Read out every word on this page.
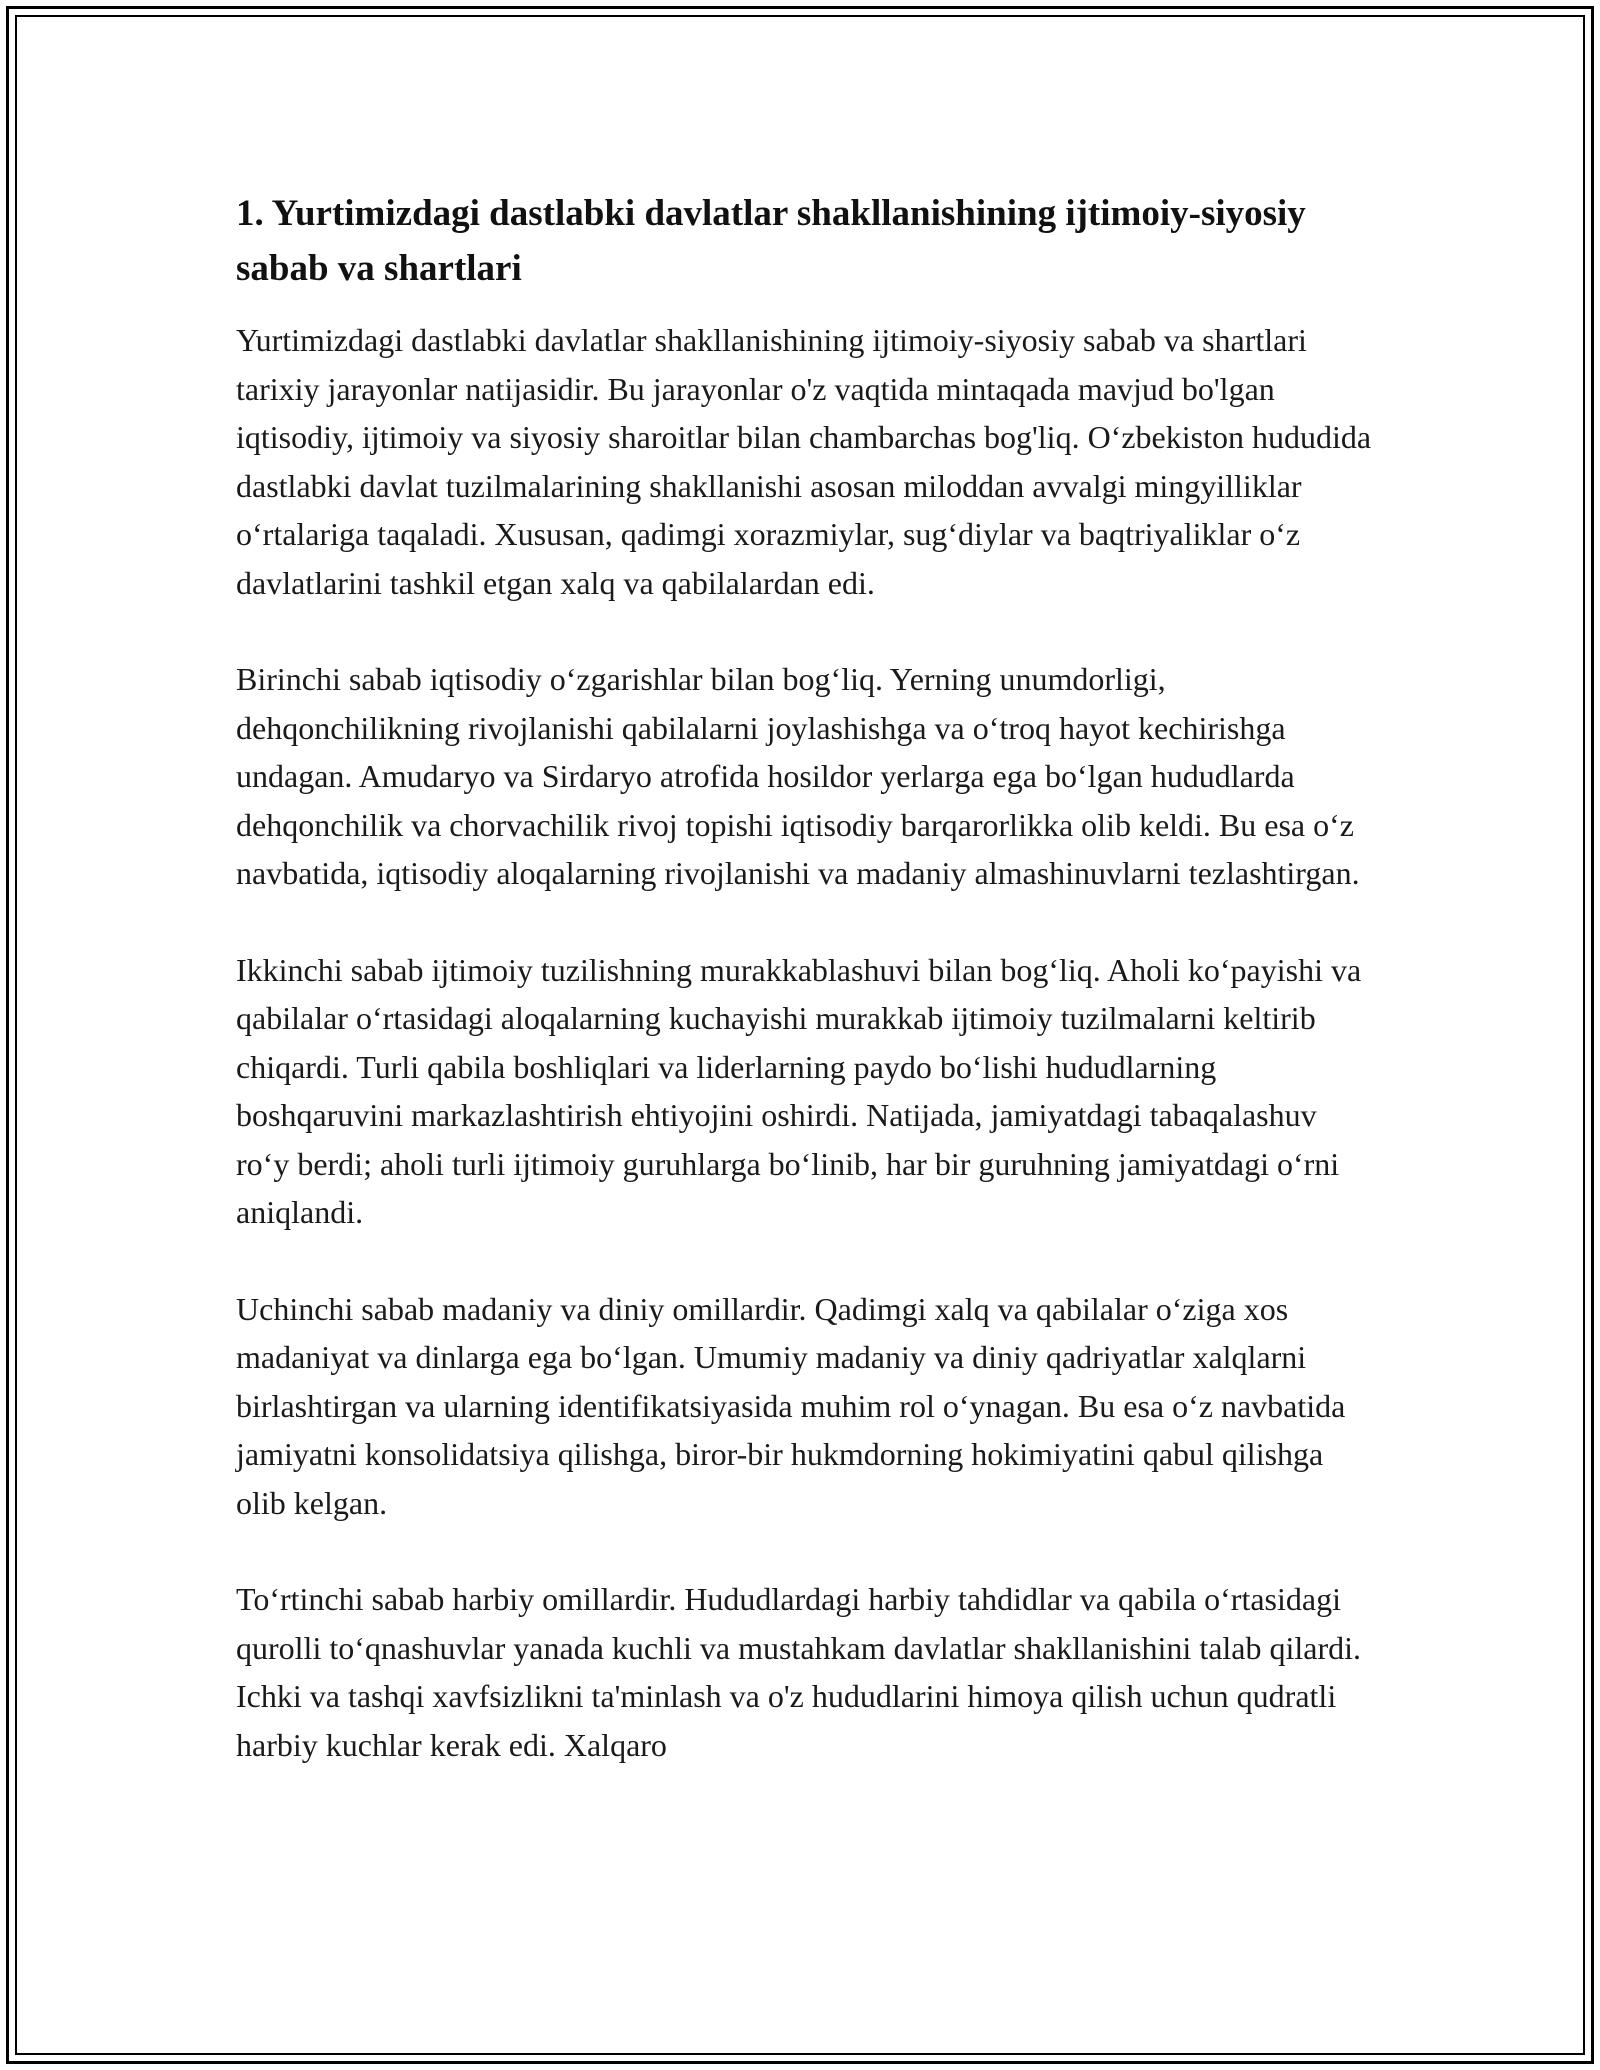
1. Yurtimizdagi dastlabki davlatlar shakllanishining ijtimoiy-siyosiy sabab va shartlari

Yurtimizdagi dastlabki davlatlar shakllanishining ijtimoiy-siyosiy sabab va shartlari tarixiy jarayonlar natijasidir. Bu jarayonlar o'z vaqtida mintaqada mavjud bo'lgan iqtisodiy, ijtimoiy va siyosiy sharoitlar bilan chambarchas bog'liq. O‘zbekiston hududida dastlabki davlat tuzilmalarining shakllanishi asosan miloddan avvalgi mingyilliklar o‘rtalariga taqaladi. Xususan, qadimgi xorazmiylar, sug‘diylar va baqtriyaliklar o‘z davlatlarini tashkil etgan xalq va qabilalardan edi.

Birinchi sabab iqtisodiy o‘zgarishlar bilan bog‘liq. Yerning unumdorligi, dehqonchilikning rivojlanishi qabilalarni joylashishga va o‘troq hayot kechirishga undagan. Amudaryo va Sirdaryo atrofida hosildor yerlarga ega bo‘lgan hududlarda dehqonchilik va chorvachilik rivoj topishi iqtisodiy barqarorlikka olib keldi. Bu esa o‘z navbatida, iqtisodiy aloqalarning rivojlanishi va madaniy almashinuvlarni tezlashtirgan.

Ikkinchi sabab ijtimoiy tuzilishning murakkablashuvi bilan bog‘liq. Aholi ko‘payishi va qabilalar o‘rtasidagi aloqalarning kuchayishi murakkab ijtimoiy tuzilmalarni keltirib chiqardi. Turli qabila boshliqlari va liderlarning paydo bo‘lishi hududlarning boshqaruvini markazlashtirish ehtiyojini oshirdi. Natijada, jamiyatdagi tabaqalashuv ro‘y berdi; aholi turli ijtimoiy guruhlarga bo‘linib, har bir guruhning jamiyatdagi o‘rni aniqlandi.

Uchinchi sabab madaniy va diniy omillardir. Qadimgi xalq va qabilalar o‘ziga xos madaniyat va dinlarga ega bo‘lgan. Umumiy madaniy va diniy qadriyatlar xalqlarni birlashtirgan va ularning identifikatsiyasida muhim rol o‘ynagan. Bu esa o‘z navbatida jamiyatni konsolidatsiya qilishga, biror-bir hukmdorning hokimiyatini qabul qilishga olib kelgan.

To‘rtinchi sabab harbiy omillardir. Hududlardagi harbiy tahdidlar va qabila o‘rtasidagi qurolli to‘qnashuvlar yanada kuchli va mustahkam davlatlar shakllanishini talab qilardi. Ichki va tashqi xavfsizlikni ta'minlash va o'z hududlarini himoya qilish uchun qudratli harbiy kuchlar kerak edi. Xalqaro
